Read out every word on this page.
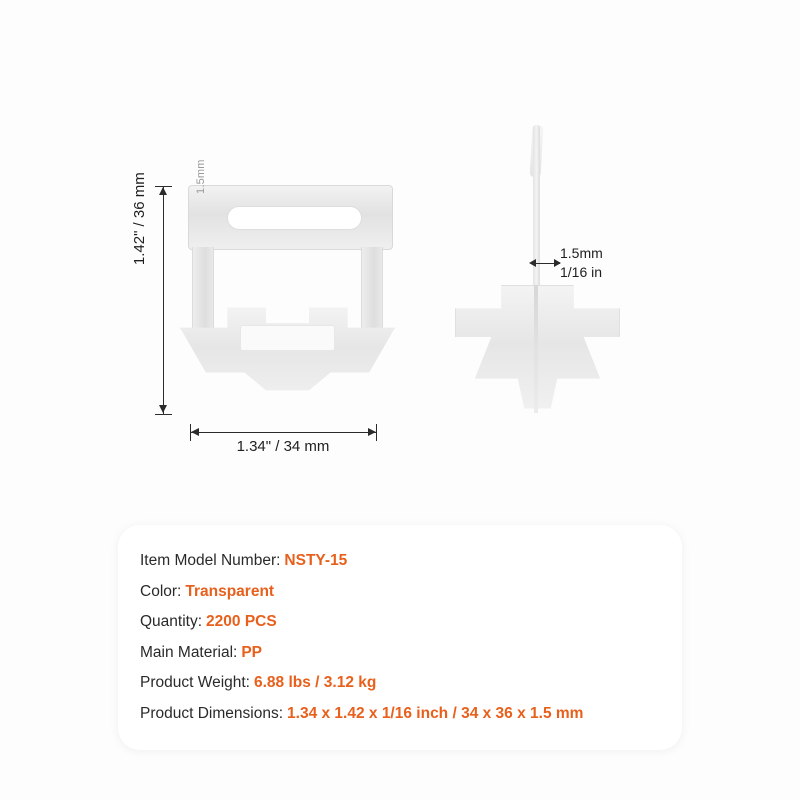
1.5mm
1.42" / 36 mm
1.34" / 34 mm
1.5mm
1/16 in
Item Model Number: NSTY-15
Color: Transparent
Quantity: 2200 PCS
Main Material: PP
Product Weight: 6.88 lbs / 3.12 kg
Product Dimensions: 1.34 x 1.42 x 1/16 inch / 34 x 36 x 1.5 mm
